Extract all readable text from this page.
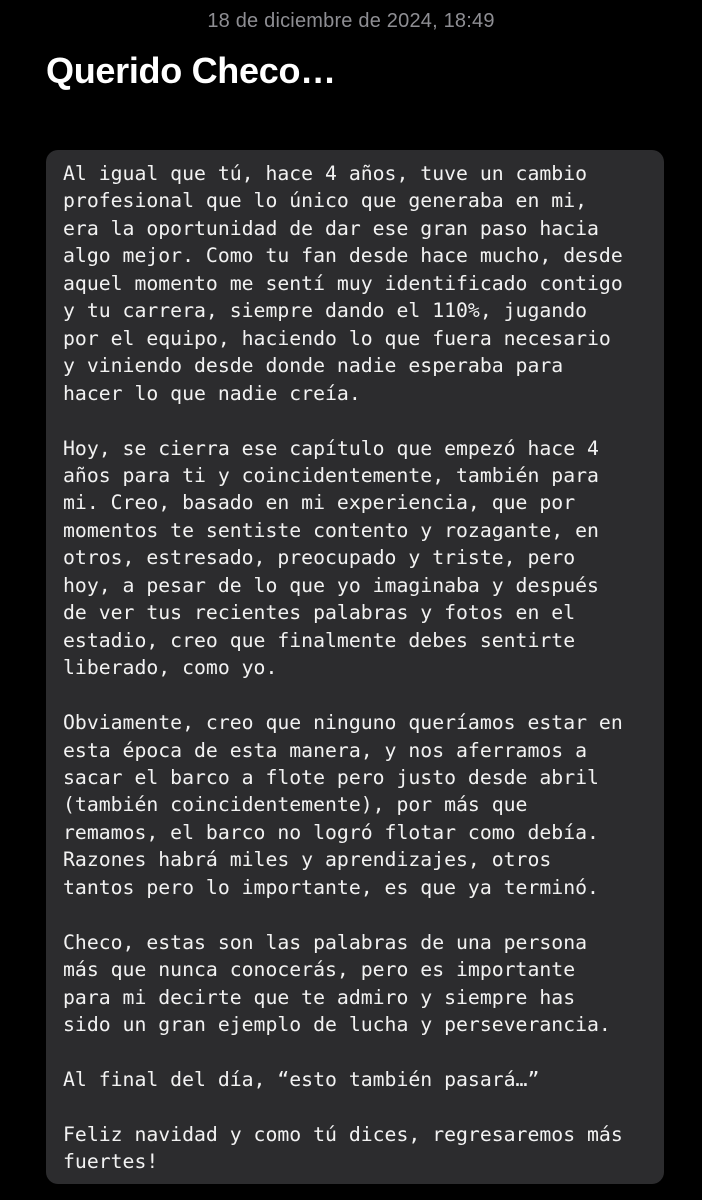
18 de diciembre de 2024, 18:49
Querido Checo…
Al igual que tú, hace 4 años, tuve un cambio
profesional que lo único que generaba en mi,
era la oportunidad de dar ese gran paso hacia
algo mejor. Como tu fan desde hace mucho, desde
aquel momento me sentí muy identificado contigo
y tu carrera, siempre dando el 110%, jugando
por el equipo, haciendo lo que fuera necesario
y viniendo desde donde nadie esperaba para
hacer lo que nadie creía.

Hoy, se cierra ese capítulo que empezó hace 4
años para ti y coincidentemente, también para
mi. Creo, basado en mi experiencia, que por
momentos te sentiste contento y rozagante, en
otros, estresado, preocupado y triste, pero
hoy, a pesar de lo que yo imaginaba y después
de ver tus recientes palabras y fotos en el
estadio, creo que finalmente debes sentirte
liberado, como yo.

Obviamente, creo que ninguno queríamos estar en
esta época de esta manera, y nos aferramos a
sacar el barco a flote pero justo desde abril
(también coincidentemente), por más que
remamos, el barco no logró flotar como debía.
Razones habrá miles y aprendizajes, otros
tantos pero lo importante, es que ya terminó.

Checo, estas son las palabras de una persona
más que nunca conocerás, pero es importante
para mi decirte que te admiro y siempre has
sido un gran ejemplo de lucha y perseverancia.

Al final del día, “esto también pasará…”

Feliz navidad y como tú dices, regresaremos más
fuertes!
